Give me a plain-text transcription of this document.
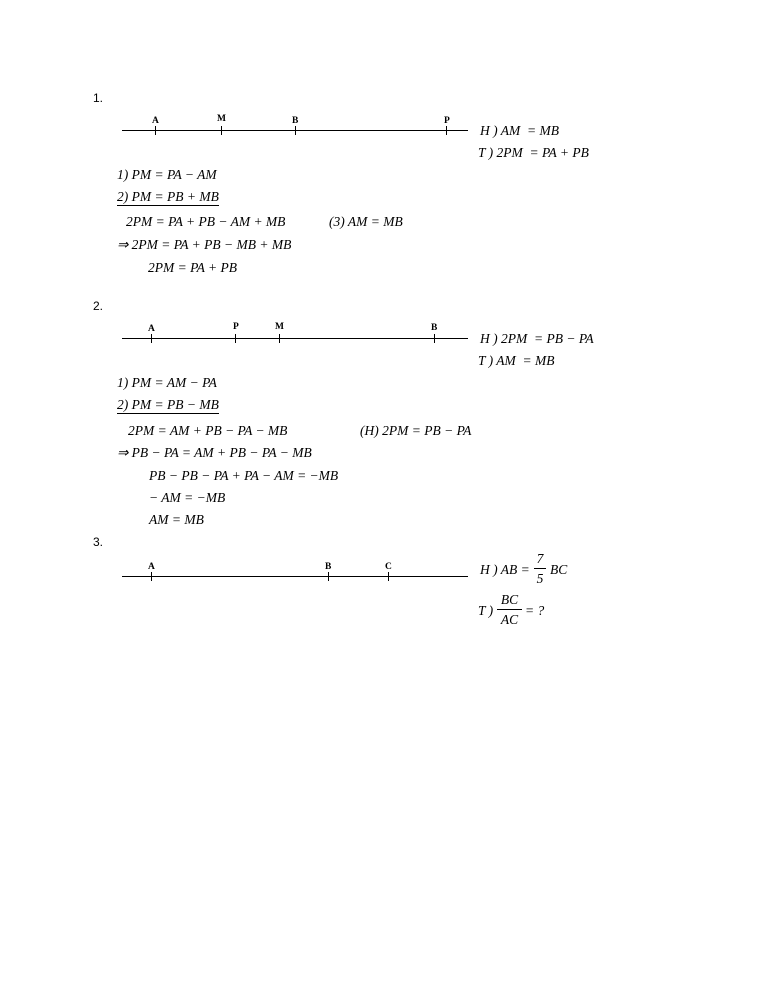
1.
A	M	B	P
H ) AM  = MB
T ) 2PM  = PA + PB
1) PM = PA − AM
2) PM = PB + MB
2PM = PA + PB − AM + MB	(3) AM = MB
⇒ 2PM = PA + PB − MB + MB
2PM = PA + PB
2.
A	P	M	B
H ) 2PM  = PB − PA
T ) AM  = MB
1) PM = AM − PA
2) PM = PB − MB
2PM = AM + PB − PA − MB	(H) 2PM = PB − PA
⇒ PB − PA = AM + PB − PA − MB
PB − PB − PA + PA − AM = −MB
− AM = −MB
AM = MB
3.
A	B	C	H ) AB = $\frac{7}{5}$ BC
T ) $\frac{BC}{AC}$ = ?
